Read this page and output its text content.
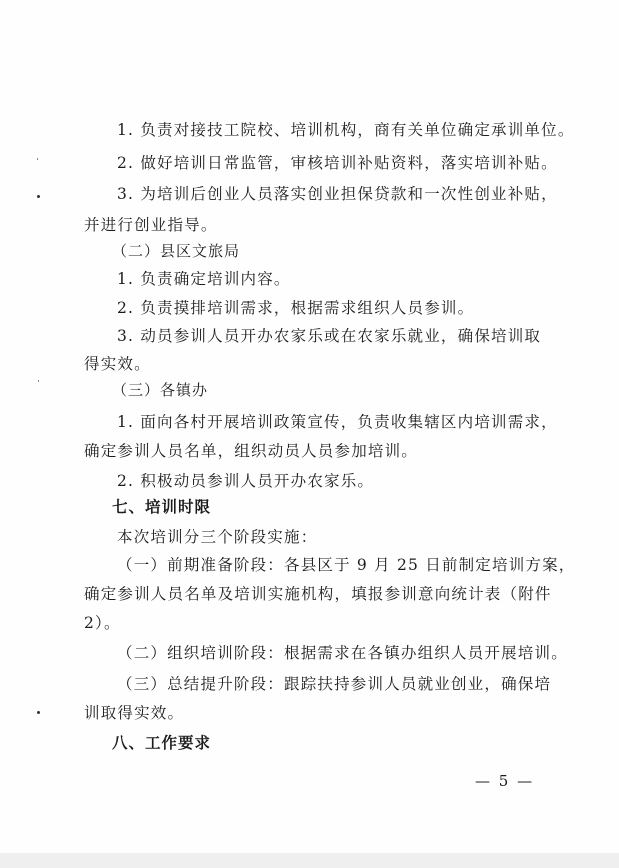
1. 负责对接技工院校、培训机构，商有关单位确定承训单位。
2. 做好培训日常监管，审核培训补贴资料，落实培训补贴。
3. 为培训后创业人员落实创业担保贷款和一次性创业补贴，
并进行创业指导。
（二）县区文旅局
1. 负责确定培训内容。
2. 负责摸排培训需求，根据需求组织人员参训。
3. 动员参训人员开办农家乐或在农家乐就业，确保培训取
得实效。
（三）各镇办
1. 面向各村开展培训政策宣传，负责收集辖区内培训需求，
确定参训人员名单，组织动员人员参加培训。
2. 积极动员参训人员开办农家乐。
七、培训时限
本次培训分三个阶段实施：
（一）前期准备阶段：各县区于 9 月 25 日前制定培训方案，
确定参训人员名单及培训实施机构，填报参训意向统计表（附件
2）。
（二）组织培训阶段：根据需求在各镇办组织人员开展培训。
（三）总结提升阶段：跟踪扶持参训人员就业创业，确保培
训取得实效。
八、工作要求
— 5 —
